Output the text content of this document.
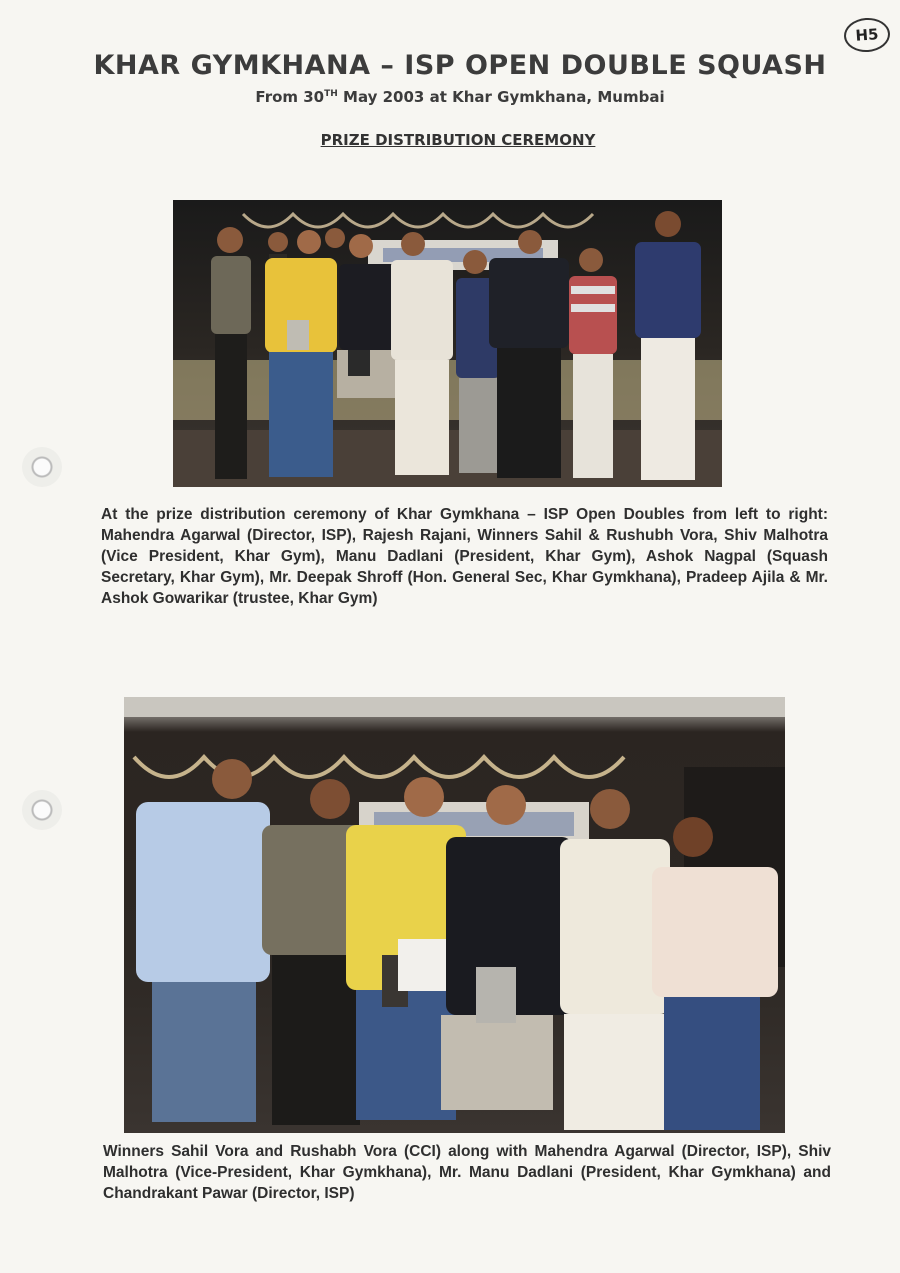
H5
KHAR GYMKHANA – ISP OPEN DOUBLE SQUASH
From 30TH May 2003 at Khar Gymkhana, Mumbai
PRIZE DISTRIBUTION CEREMONY
At the prize distribution ceremony of Khar Gymkhana – ISP Open Doubles from left to right: Mahendra Agarwal (Director, ISP), Rajesh Rajani, Winners Sahil & Rushubh Vora, Shiv Malhotra (Vice President, Khar Gym), Manu Dadlani (President, Khar Gym), Ashok Nagpal (Squash Secretary, Khar Gym), Mr. Deepak Shroff (Hon. General Sec, Khar Gymkhana), Pradeep Ajila & Mr. Ashok Gowarikar (trustee, Khar Gym)
Winners Sahil Vora and Rushabh Vora (CCI) along with Mahendra Agarwal (Director, ISP), Shiv Malhotra (Vice-President, Khar Gymkhana), Mr. Manu Dadlani (President, Khar Gymkhana) and Chandrakant Pawar (Director, ISP)
